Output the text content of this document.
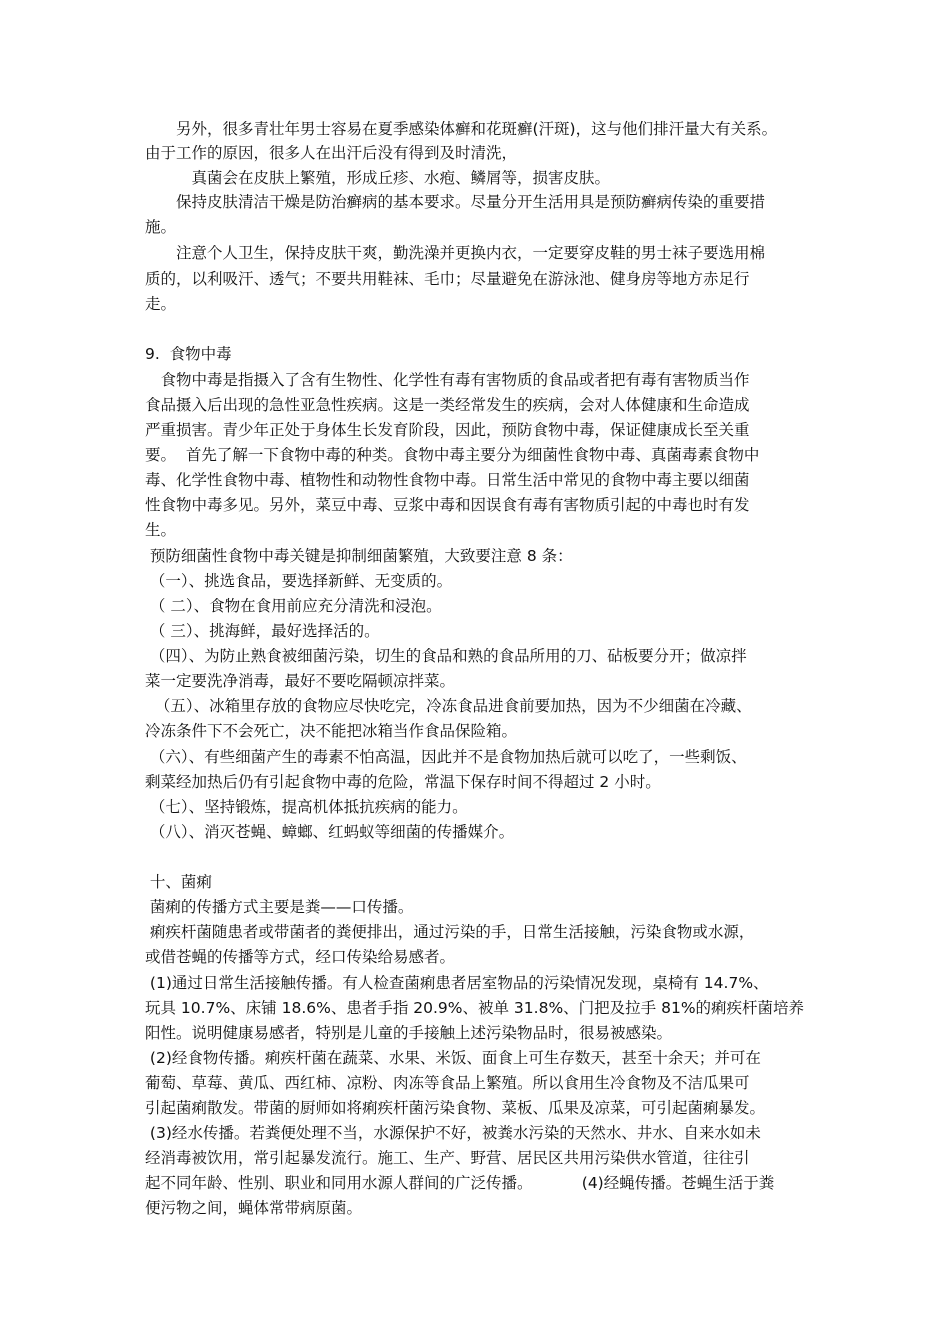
　　另外，很多青壮年男士容易在夏季感染体癣和花斑癣(汗斑)，这与他们排汗量大有关系。
由于工作的原因，很多人在出汗后没有得到及时清洗，
　　　真菌会在皮肤上繁殖，形成丘疹、水疱、鳞屑等，损害皮肤。
　　保持皮肤清洁干燥是防治癣病的基本要求。尽量分开生活用具是预防癣病传染的重要措
施。
　　注意个人卫生，保持皮肤干爽，勤洗澡并更换内衣，一定要穿皮鞋的男士袜子要选用棉
质的，以利吸汗、透气；不要共用鞋袜、毛巾；尽量避免在游泳池、健身房等地方赤足行
走。
9.  食物中毒
　食物中毒是指摄入了含有生物性、化学性有毒有害物质的食品或者把有毒有害物质当作
食品摄入后出现的急性亚急性疾病。这是一类经常发生的疾病，会对人体健康和生命造成
严重损害。青少年正处于身体生长发育阶段，因此，预防食物中毒，保证健康成长至关重
要。  首先了解一下食物中毒的种类。食物中毒主要分为细菌性食物中毒、真菌毒素食物中
毒、化学性食物中毒、植物性和动物性食物中毒。日常生活中常见的食物中毒主要以细菌
性食物中毒多见。另外，菜豆中毒、豆浆中毒和因误食有毒有害物质引起的中毒也时有发
生。
预防细菌性食物中毒关键是抑制细菌繁殖，大致要注意 8 条：
（一）、挑选食品，要选择新鲜、无变质的。
（ 二）、食物在食用前应充分清洗和浸泡。
（ 三）、挑海鲜，最好选择活的。
（四）、为防止熟食被细菌污染，切生的食品和熟的食品所用的刀、砧板要分开；做凉拌
菜一定要洗净消毒，最好不要吃隔顿凉拌菜。
（五）、冰箱里存放的食物应尽快吃完，冷冻食品进食前要加热，因为不少细菌在冷藏、
冷冻条件下不会死亡，决不能把冰箱当作食品保险箱。
（六）、有些细菌产生的毒素不怕高温，因此并不是食物加热后就可以吃了，一些剩饭、
剩菜经加热后仍有引起食物中毒的危险，常温下保存时间不得超过 2 小时。
（七）、坚持锻炼，提高机体抵抗疾病的能力。
（八）、消灭苍蝇、蟑螂、红蚂蚁等细菌的传播媒介。
十、菌痢
菌痢的传播方式主要是粪——口传播。
痢疾杆菌随患者或带菌者的粪便排出，通过污染的手，日常生活接触，污染食物或水源，
或借苍蝇的传播等方式，经口传染给易感者。
(1)通过日常生活接触传播。有人检查菌痢患者居室物品的污染情况发现，桌椅有 14.7%、
玩具 10.7%、床铺 18.6%、患者手指 20.9%、被单 31.8%、门把及拉手 81%的痢疾杆菌培养
阳性。说明健康易感者，特别是儿童的手接触上述污染物品时，很易被感染。
(2)经食物传播。痢疾杆菌在蔬菜、水果、米饭、面食上可生存数天，甚至十余天；并可在
葡萄、草莓、黄瓜、西红柿、凉粉、肉冻等食品上繁殖。所以食用生冷食物及不洁瓜果可
引起菌痢散发。带菌的厨师如将痢疾杆菌污染食物、菜板、瓜果及凉菜，可引起菌痢暴发。
(3)经水传播。若粪便处理不当，水源保护不好，被粪水污染的天然水、井水、自来水如未
经消毒被饮用，常引起暴发流行。施工、生产、野营、居民区共用污染供水管道，往往引
起不同年龄、性别、职业和同用水源人群间的广泛传播。          (4)经蝇传播。苍蝇生活于粪
便污物之间，蝇体常带病原菌。
